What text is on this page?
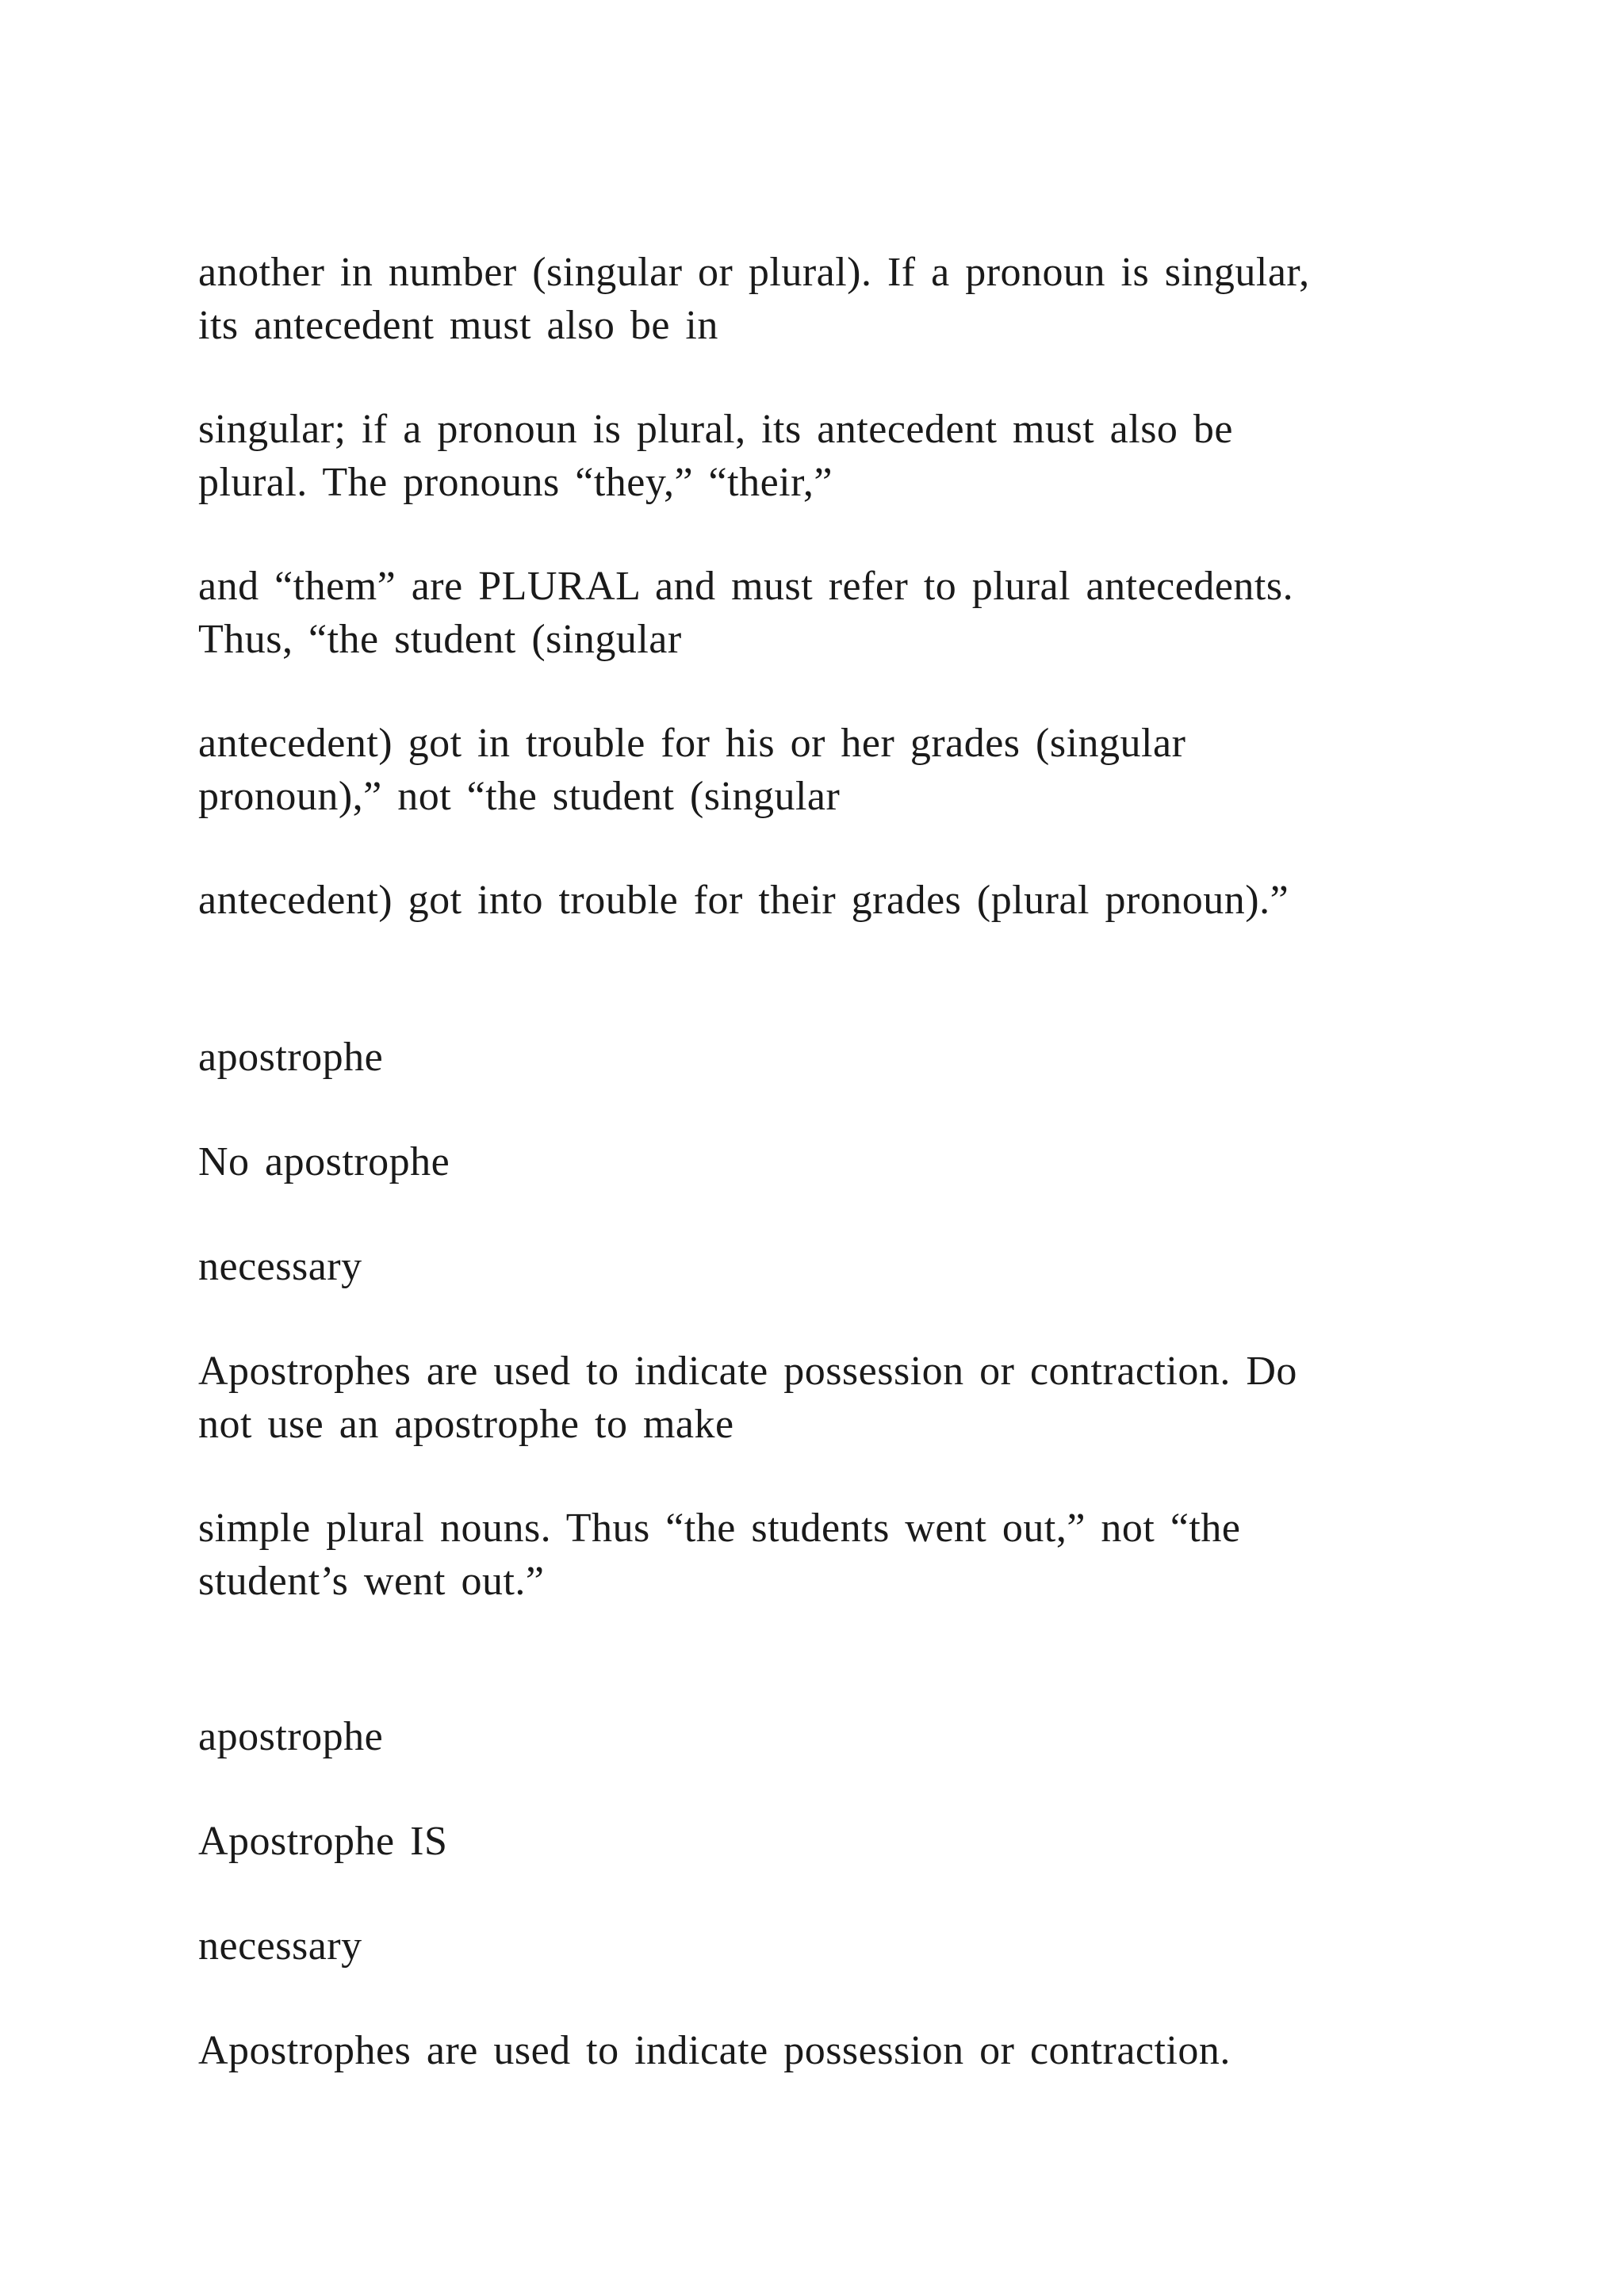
another in number (singular or plural). If a pronoun is singular,
its antecedent must also be in

singular; if a pronoun is plural, its antecedent must also be
plural. The pronouns “they,” “their,”

and “them” are PLURAL and must refer to plural antecedents.
Thus, “the student (singular

antecedent) got in trouble for his or her grades (singular
pronoun),” not “the student (singular

antecedent) got into trouble for their grades (plural pronoun).”

apostrophe

No apostrophe

necessary

Apostrophes are used to indicate possession or contraction. Do
not use an apostrophe to make

simple plural nouns. Thus “the students went out,” not “the
student’s went out.”

apostrophe

Apostrophe IS

necessary

Apostrophes are used to indicate possession or contraction.
